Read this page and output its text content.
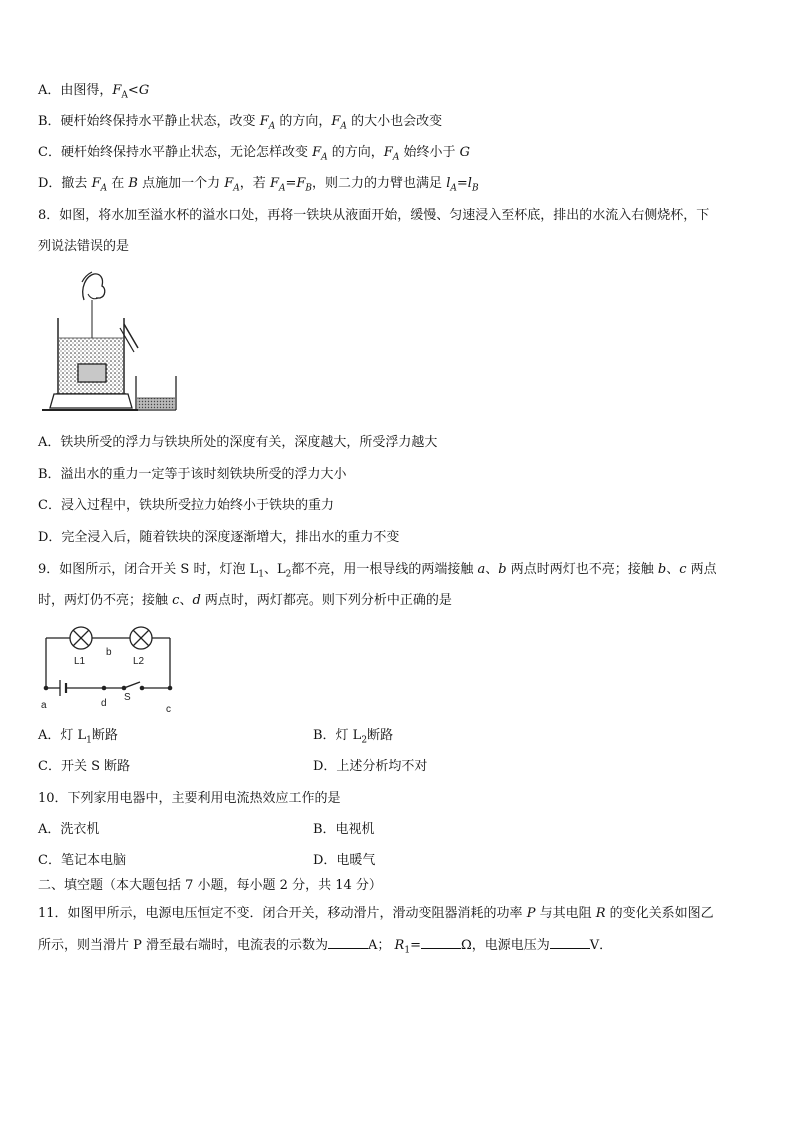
A．由图得，$F_A<G$
B．硬杆始终保持水平静止状态，改变 $F_A$ 的方向，$F_A$ 的大小也会改变
C．硬杆始终保持水平静止状态，无论怎样改变 $F_A$ 的方向，$F_A$ 始终小于 G
D．撤去 $F_A$ 在 B 点施加一个力 $F_A$，若 $F_A=F_B$，则二力的力臂也满足 $l_A=l_B$
8．如图，将水加至溢水杯的溢水口处，再将一铁块从液面开始，缓慢、匀速浸入至杯底，排出的水流入右侧烧杯，下
列说法错误的是
A．铁块所受的浮力与铁块所处的深度有关，深度越大，所受浮力越大
B．溢出水的重力一定等于该时刻铁块所受的浮力大小
C．浸入过程中，铁块所受拉力始终小于铁块的重力
D．完全浸入后，随着铁块的深度逐渐增大，排出水的重力不变
9．如图所示，闭合开关 S 时，灯泡 $L_1$、$L_2$都不亮，用一根导线的两端接触 a、b 两点时两灯也不亮；接触 b、c 两点
时，两灯仍不亮；接触 c、d 两点时，两灯都亮。则下列分析中正确的是
L1
b
L2
S
a	d
c
A．灯 $L_1$断路	B．灯 $L_2$断路
C．开关 S 断路	D．上述分析均不对
10．下列家用电器中，主要利用电流热效应工作的是
A．洗衣机	B．电视机
C．笔记本电脑	D．电暖气
二、填空题（本大题包括 7 小题，每小题 2 分，共 14 分）
11．如图甲所示，电源电压恒定不变．闭合开关，移动滑片，滑动变阻器消耗的功率 P 与其电阻 R 的变化关系如图乙
所示，则当滑片 P 滑至最右端时，电流表的示数为	A； $R_1=$	Ω，电源电压为	V．
